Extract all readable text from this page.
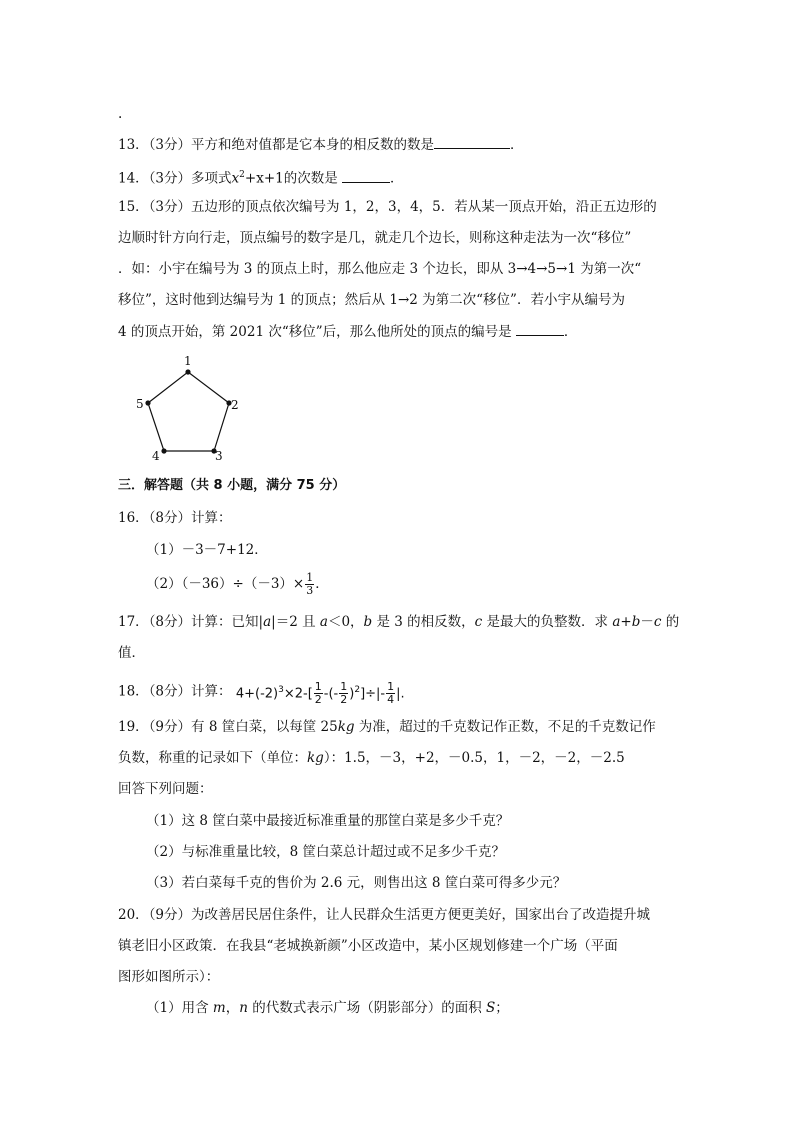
.
13．（3分）平方和绝对值都是它本身的相反数的数是	．
14．（3分）多项式$x^2+x+1$的次数是	．
15．（3分）五边形的顶点依次编号为 1，2，3，4，5．若从某一顶点开始，沿正五边形的
边顺时针方向行走，顶点编号的数字是几，就走几个边长，则称这种走法为一次“移位”
．如：小宇在编号为 3 的顶点上时，那么他应走 3 个边长，即从 3→4→5→1 为第一次“
移位”，这时他到达编号为 1 的顶点；然后从 1→2 为第二次“移位”．若小宇从编号为
4 的顶点开始，第 2021 次“移位”后，那么他所处的顶点的编号是	．
1
2
3
4
5
三．解答题（共 8 小题，满分 75 分）
16．（8分）计算：
（1）－3－7+12．
$(2)(-36)\div(-3)\times \frac{1}{3}$ ．
17．（8分）计算：已知|a|＝2 且 a＜0，b 是 3 的相反数，c 是最大的负整数．求 a+b－c 的
值．
18．（8分）计算： $4+(-2)^3\times 2-[ \frac{1}{2}$ -(- $\frac{1}{2} )^2]\div|- \frac{1}{4}$ |.
19．（9分）有 8 筐白菜，以每筐 25kg 为准，超过的千克数记作正数，不足的千克数记作
负数，称重的记录如下（单位：kg）：1.5，－3，+2，－0.5，1，－2，－2，－2.5
回答下列问题：
（1）这 8 筐白菜中最接近标准重量的那筐白菜是多少千克？
（2）与标准重量比较，8 筐白菜总计超过或不足多少千克？
（3）若白菜每千克的售价为 2.6 元，则售出这 8 筐白菜可得多少元？
20．（9分）为改善居民居住条件，让人民群众生活更方便更美好，国家出台了改造提升城
镇老旧小区政策．在我县“老城换新颜”小区改造中，某小区规划修建一个广场（平面
图形如图所示）：
（1）用含 m，n 的代数式表示广场（阴影部分）的面积 S；
